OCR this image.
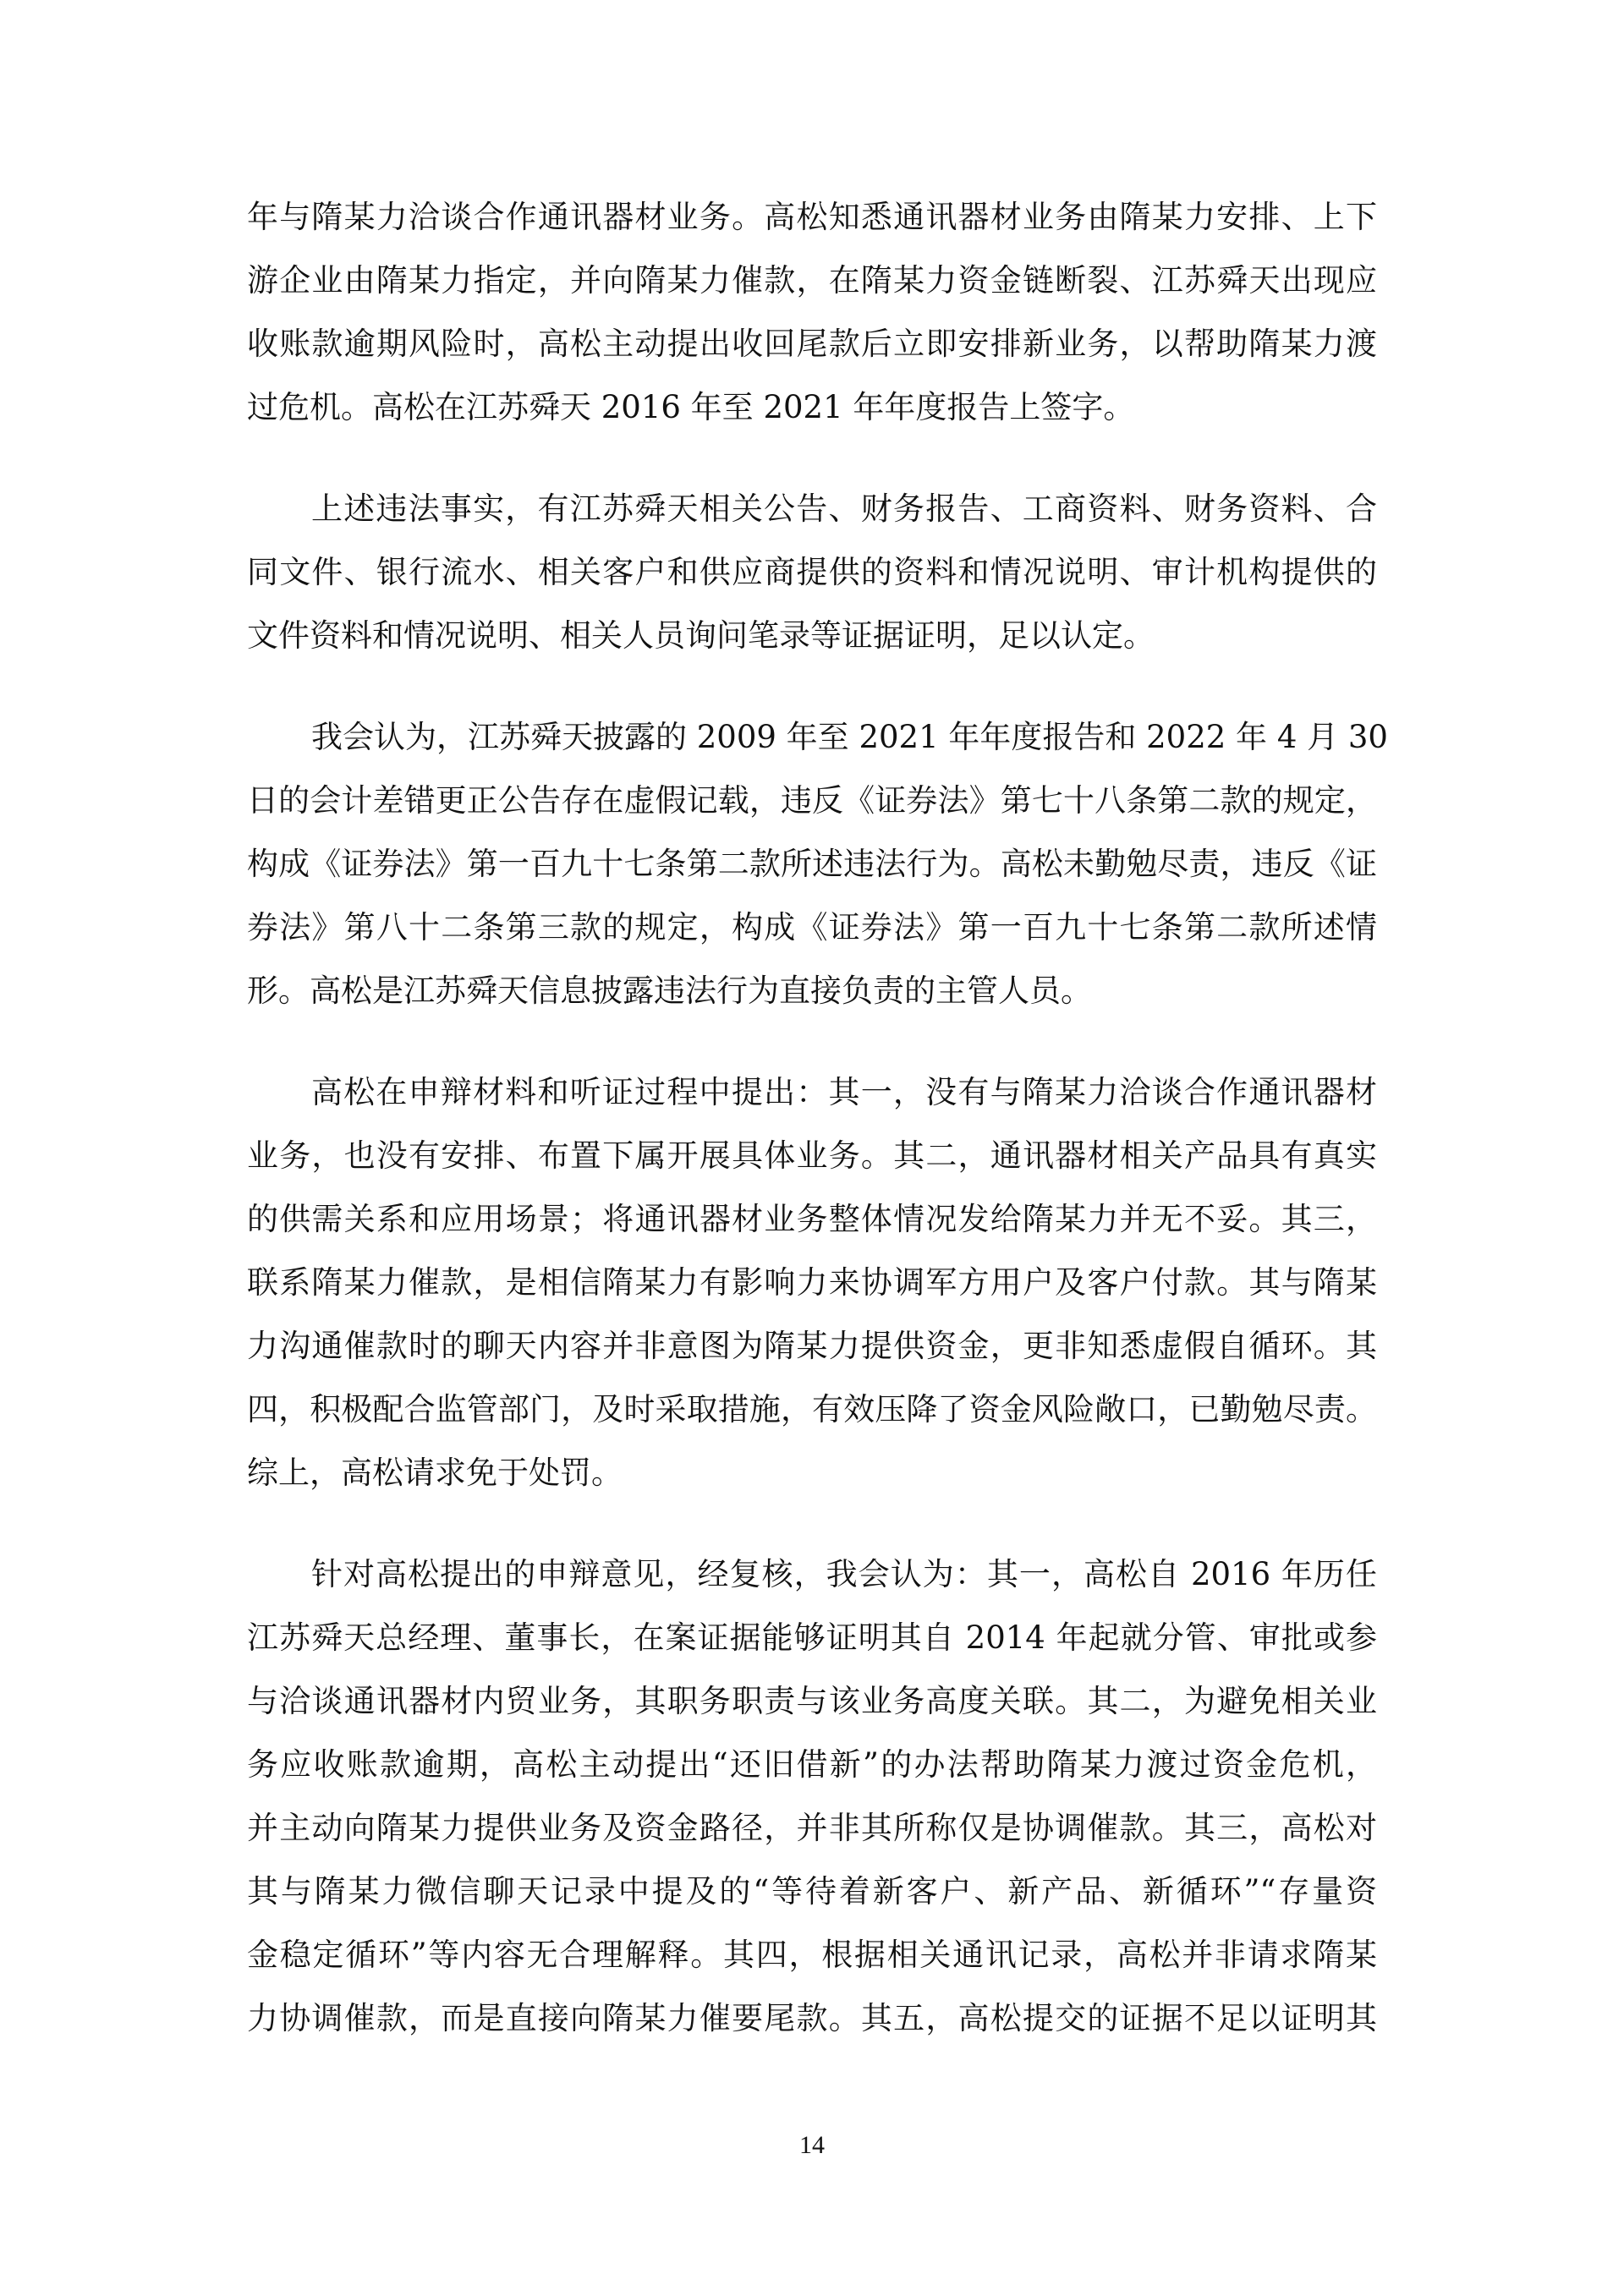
年与隋某力洽谈合作通讯器材业务。高松知悉通讯器材业务由隋某力安排、上下
游企业由隋某力指定，并向隋某力催款，在隋某力资金链断裂、江苏舜天出现应
收账款逾期风险时，高松主动提出收回尾款后立即安排新业务，以帮助隋某力渡
过危机。高松在江苏舜天 2016 年至 2021 年年度报告上签字。
上述违法事实，有江苏舜天相关公告、财务报告、工商资料、财务资料、合
同文件、银行流水、相关客户和供应商提供的资料和情况说明、审计机构提供的
文件资料和情况说明、相关人员询问笔录等证据证明，足以认定。
我会认为，江苏舜天披露的 2009 年至 2021 年年度报告和 2022 年 4 月 30
日的会计差错更正公告存在虚假记载，违反《证券法》第七十八条第二款的规定，
构成《证券法》第一百九十七条第二款所述违法行为。高松未勤勉尽责，违反《证
券法》第八十二条第三款的规定，构成《证券法》第一百九十七条第二款所述情
形。高松是江苏舜天信息披露违法行为直接负责的主管人员。
高松在申辩材料和听证过程中提出：其一，没有与隋某力洽谈合作通讯器材
业务，也没有安排、布置下属开展具体业务。其二，通讯器材相关产品具有真实
的供需关系和应用场景；将通讯器材业务整体情况发给隋某力并无不妥。其三，
联系隋某力催款，是相信隋某力有影响力来协调军方用户及客户付款。其与隋某
力沟通催款时的聊天内容并非意图为隋某力提供资金，更非知悉虚假自循环。其
四，积极配合监管部门，及时采取措施，有效压降了资金风险敞口，已勤勉尽责。
综上，高松请求免于处罚。
针对高松提出的申辩意见，经复核，我会认为：其一，高松自 2016 年历任
江苏舜天总经理、董事长，在案证据能够证明其自 2014 年起就分管、审批或参
与洽谈通讯器材内贸业务，其职务职责与该业务高度关联。其二，为避免相关业
务应收账款逾期，高松主动提出“还旧借新”的办法帮助隋某力渡过资金危机，
并主动向隋某力提供业务及资金路径，并非其所称仅是协调催款。其三，高松对
其与隋某力微信聊天记录中提及的“等待着新客户、新产品、新循环”“存量资
金稳定循环”等内容无合理解释。其四，根据相关通讯记录，高松并非请求隋某
力协调催款，而是直接向隋某力催要尾款。其五，高松提交的证据不足以证明其
14
